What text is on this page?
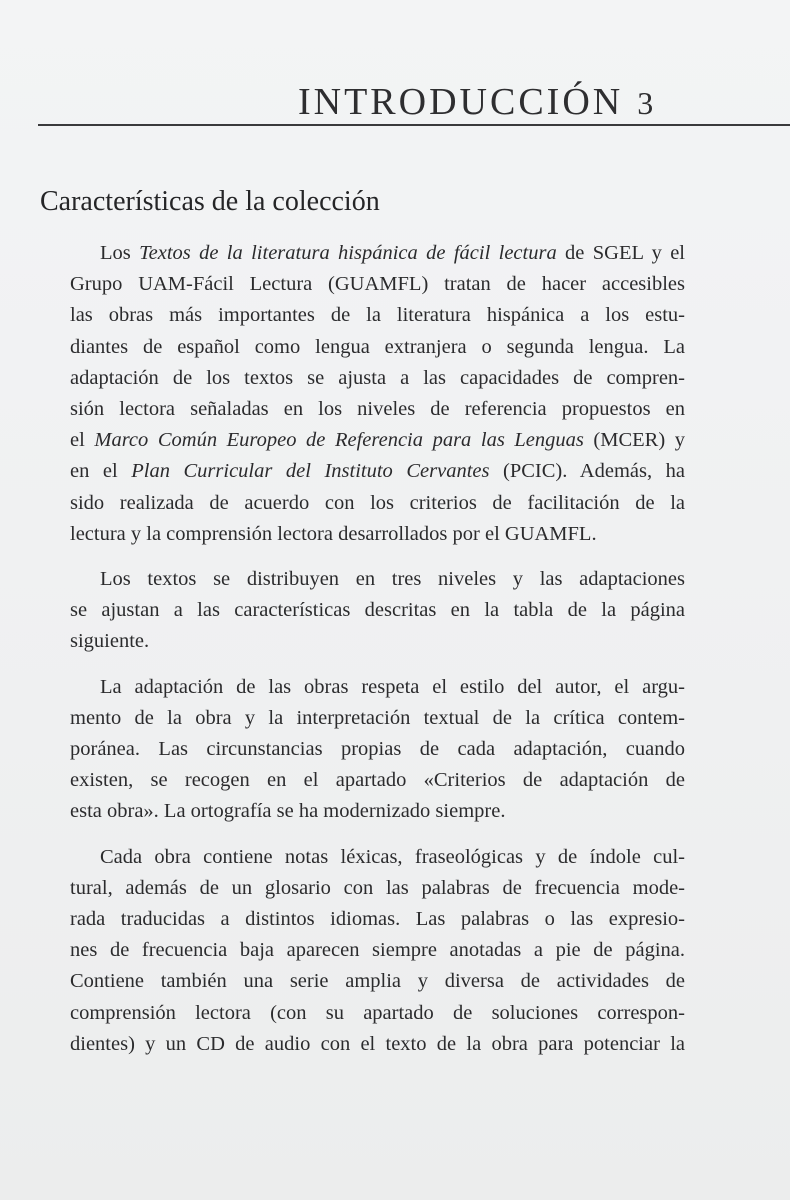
INTRODUCCIÓN 3
Características de la colección
Los Textos de la literatura hispánica de fácil lectura de SGEL y el
Grupo UAM-Fácil Lectura (GUAMFL) tratan de hacer accesibles
las obras más importantes de la literatura hispánica a los estu-
diantes de español como lengua extranjera o segunda lengua. La
adaptación de los textos se ajusta a las capacidades de compren-
sión lectora señaladas en los niveles de referencia propuestos en
el Marco Común Europeo de Referencia para las Lenguas (MCER) y
en el Plan Curricular del Instituto Cervantes (PCIC). Además, ha
sido realizada de acuerdo con los criterios de facilitación de la
lectura y la comprensión lectora desarrollados por el GUAMFL.
Los textos se distribuyen en tres niveles y las adaptaciones
se ajustan a las características descritas en la tabla de la página
siguiente.
La adaptación de las obras respeta el estilo del autor, el argu-
mento de la obra y la interpretación textual de la crítica contem-
poránea. Las circunstancias propias de cada adaptación, cuando
existen, se recogen en el apartado «Criterios de adaptación de
esta obra». La ortografía se ha modernizado siempre.
Cada obra contiene notas léxicas, fraseológicas y de índole cul-
tural, además de un glosario con las palabras de frecuencia mode-
rada traducidas a distintos idiomas. Las palabras o las expresio-
nes de frecuencia baja aparecen siempre anotadas a pie de página.
Contiene también una serie amplia y diversa de actividades de
comprensión lectora (con su apartado de soluciones correspon-
dientes) y un CD de audio con el texto de la obra para potenciar la
